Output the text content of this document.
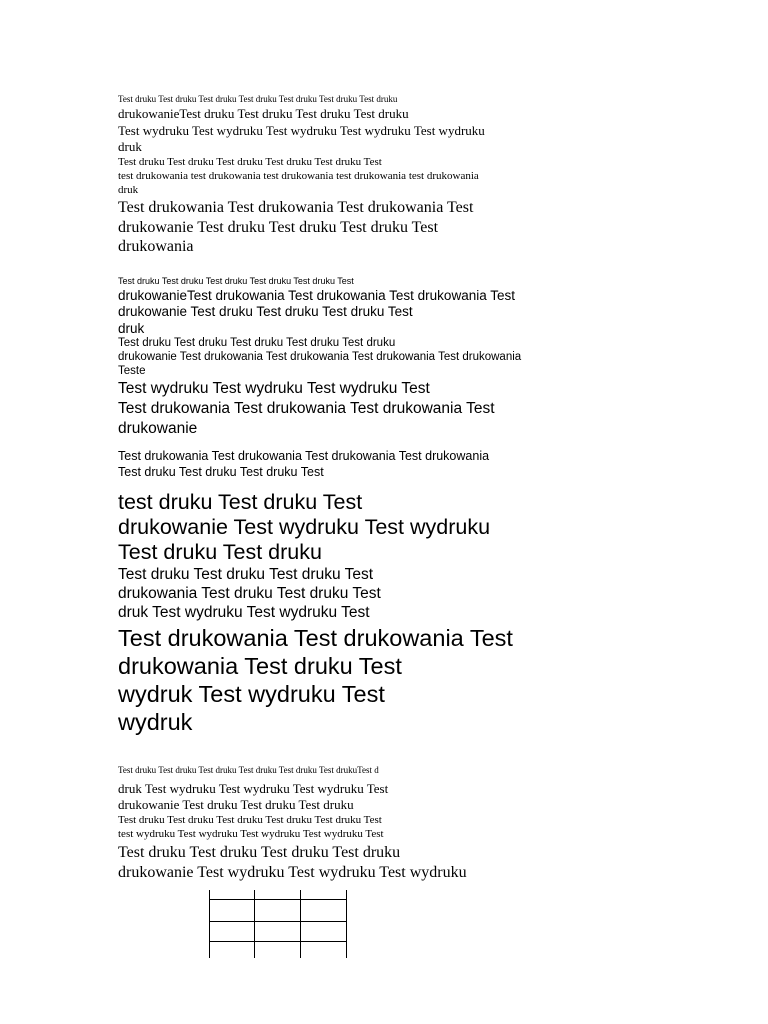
Test druku Test druku Test druku Test druku Test druku Test druku Test druku

drukowanieTest druku Test druku Test druku Test druku

Test wydruku Test wydruku Test wydruku Test wydruku Test wydruku

druk

Test druku Test druku Test druku Test druku Test druku Test

test drukowania test drukowania test drukowania test drukowania test drukowania

druk

Test drukowania Test drukowania Test drukowania Test

drukowanie Test druku Test druku Test druku Test

drukowania

Test druku Test druku Test druku Test druku Test druku Test

drukowanieTest drukowania Test drukowania Test drukowania Test

drukowanie Test druku Test druku Test druku Test

druk

Test druku Test druku Test druku Test druku Test druku

drukowanie Test drukowania Test drukowania Test drukowania Test drukowania

Teste

Test wydruku Test wydruku Test wydruku Test

Test drukowania Test drukowania Test drukowania Test

drukowanie

Test drukowania Test drukowania Test drukowania Test drukowania

Test druku Test druku Test druku Test

test druku Test druku Test

drukowanie Test wydruku Test wydruku

Test druku Test druku

Test druku Test druku Test druku Test

drukowania Test druku Test druku Test

druk Test wydruku Test wydruku Test

Test drukowania Test drukowania Test

drukowania Test druku Test

wydruk Test wydruku Test

wydruk

Test druku Test druku Test druku Test druku Test druku Test drukuTest d

druk Test wydruku Test wydruku Test wydruku Test

drukowanie Test druku Test druku Test druku

Test druku Test druku Test druku Test druku Test druku Test

test wydruku Test wydruku Test wydruku Test wydruku Test

Test druku Test druku Test druku Test druku

drukowanie Test wydruku Test wydruku Test wydruku
